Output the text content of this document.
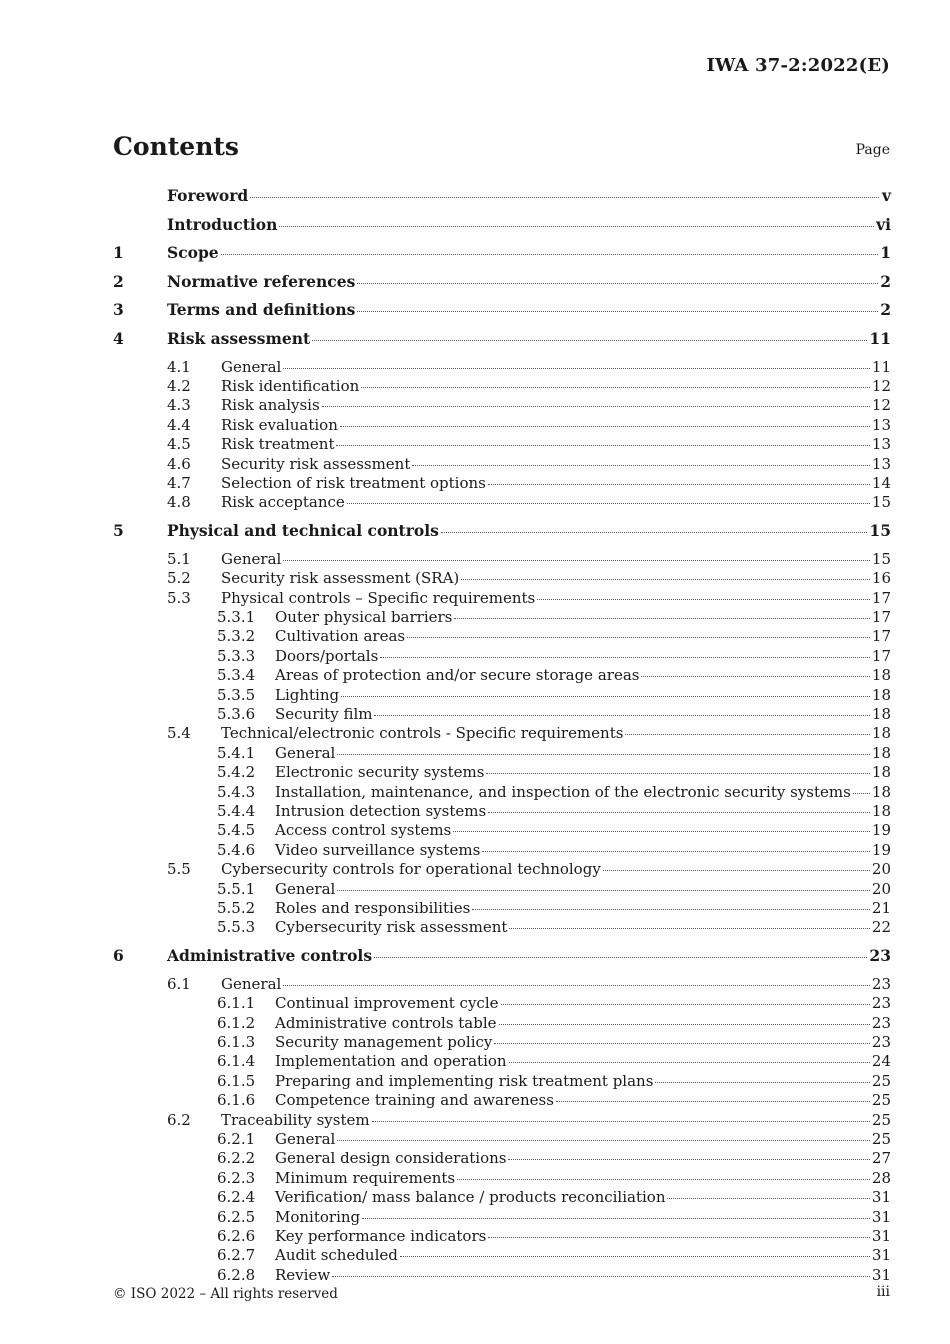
IWA 37-2:2022(E)
Contents	Page
Foreword	v
Introduction	vi
1	Scope	1
2	Normative references	2
3	Terms and definitions	2
4	Risk assessment	11
4.1	General	11
4.2	Risk identification	12
4.3	Risk analysis	12
4.4	Risk evaluation	13
4.5	Risk treatment	13
4.6	Security risk assessment	13
4.7	Selection of risk treatment options	14
4.8	Risk acceptance	15
5	Physical and technical controls	15
5.1	General	15
5.2	Security risk assessment (SRA)	16
5.3	Physical controls – Specific requirements	17
5.3.1	Outer physical barriers	17
5.3.2	Cultivation areas	17
5.3.3	Doors/portals	17
5.3.4	Areas of protection and/or secure storage areas	18
5.3.5	Lighting	18
5.3.6	Security film	18
5.4	Technical/electronic controls - Specific requirements	18
5.4.1	General	18
5.4.2	Electronic security systems	18
5.4.3	Installation, maintenance, and inspection of the electronic security systems 18
5.4.4	Intrusion detection systems	18
5.4.5	Access control systems	19
5.4.6	Video surveillance systems	19
5.5	Cybersecurity controls for operational technology	20
5.5.1	General	20
5.5.2	Roles and responsibilities	21
5.5.3	Cybersecurity risk assessment	22
6	Administrative controls	23
6.1	General	23
6.1.1	Continual improvement cycle	23
6.1.2	Administrative controls table	23
6.1.3	Security management policy	23
6.1.4	Implementation and operation	24
6.1.5	Preparing and implementing risk treatment plans	25
6.1.6	Competence training and awareness	25
6.2	Traceability system	25
6.2.1	General	25
6.2.2	General design considerations	27
6.2.3	Minimum requirements	28
6.2.4	Verification/ mass balance / products reconciliation	31
6.2.5	Monitoring	31
6.2.6	Key performance indicators	31
6.2.7	Audit scheduled	31
6.2.8	Review	31
© ISO 2022 – All rights reserved	iii
